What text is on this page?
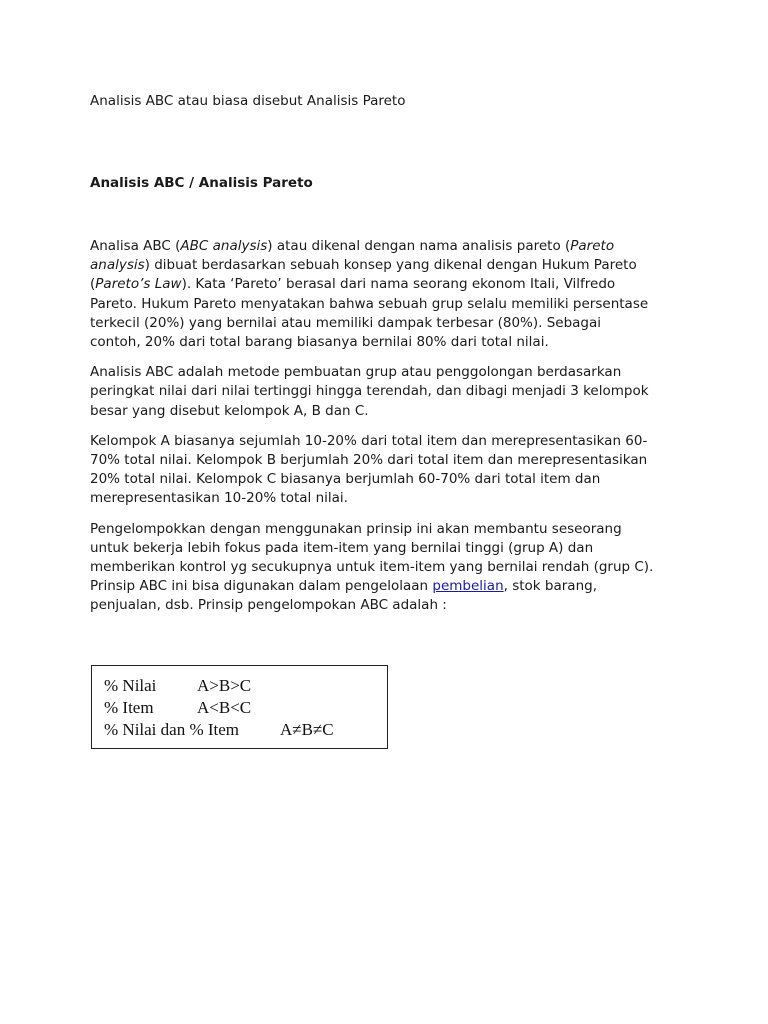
Analisis ABC atau biasa disebut Analisis Pareto
Analisis ABC / Analisis Pareto

Analisa ABC (ABC analysis) atau dikenal dengan nama analisis pareto (Pareto
analysis) dibuat berdasarkan sebuah konsep yang dikenal dengan Hukum Pareto
(Pareto’s Law). Kata ‘Pareto’ berasal dari nama seorang ekonom Itali, Vilfredo
Pareto. Hukum Pareto menyatakan bahwa sebuah grup selalu memiliki persentase
terkecil (20%) yang bernilai atau memiliki dampak terbesar (80%). Sebagai
contoh, 20% dari total barang biasanya bernilai 80% dari total nilai.

Analisis ABC adalah metode pembuatan grup atau penggolongan berdasarkan
peringkat nilai dari nilai tertinggi hingga terendah, dan dibagi menjadi 3 kelompok
besar yang disebut kelompok A, B dan C.

Kelompok A biasanya sejumlah 10-20% dari total item dan merepresentasikan 60-
70% total nilai. Kelompok B berjumlah 20% dari total item dan merepresentasikan
20% total nilai. Kelompok C biasanya berjumlah 60-70% dari total item dan
merepresentasikan 10-20% total nilai.

Pengelompokkan dengan menggunakan prinsip ini akan membantu seseorang
untuk bekerja lebih fokus pada item-item yang bernilai tinggi (grup A) dan
memberikan kontrol yg secukupnya untuk item-item yang bernilai rendah (grup C).
Prinsip ABC ini bisa digunakan dalam pengelolaan pembelian, stok barang,
penjualan, dsb. Prinsip pengelompokan ABC adalah :

% Nilai A>B>C
% Item	A<B<C
% Nilai dan % Item A≠B≠C
